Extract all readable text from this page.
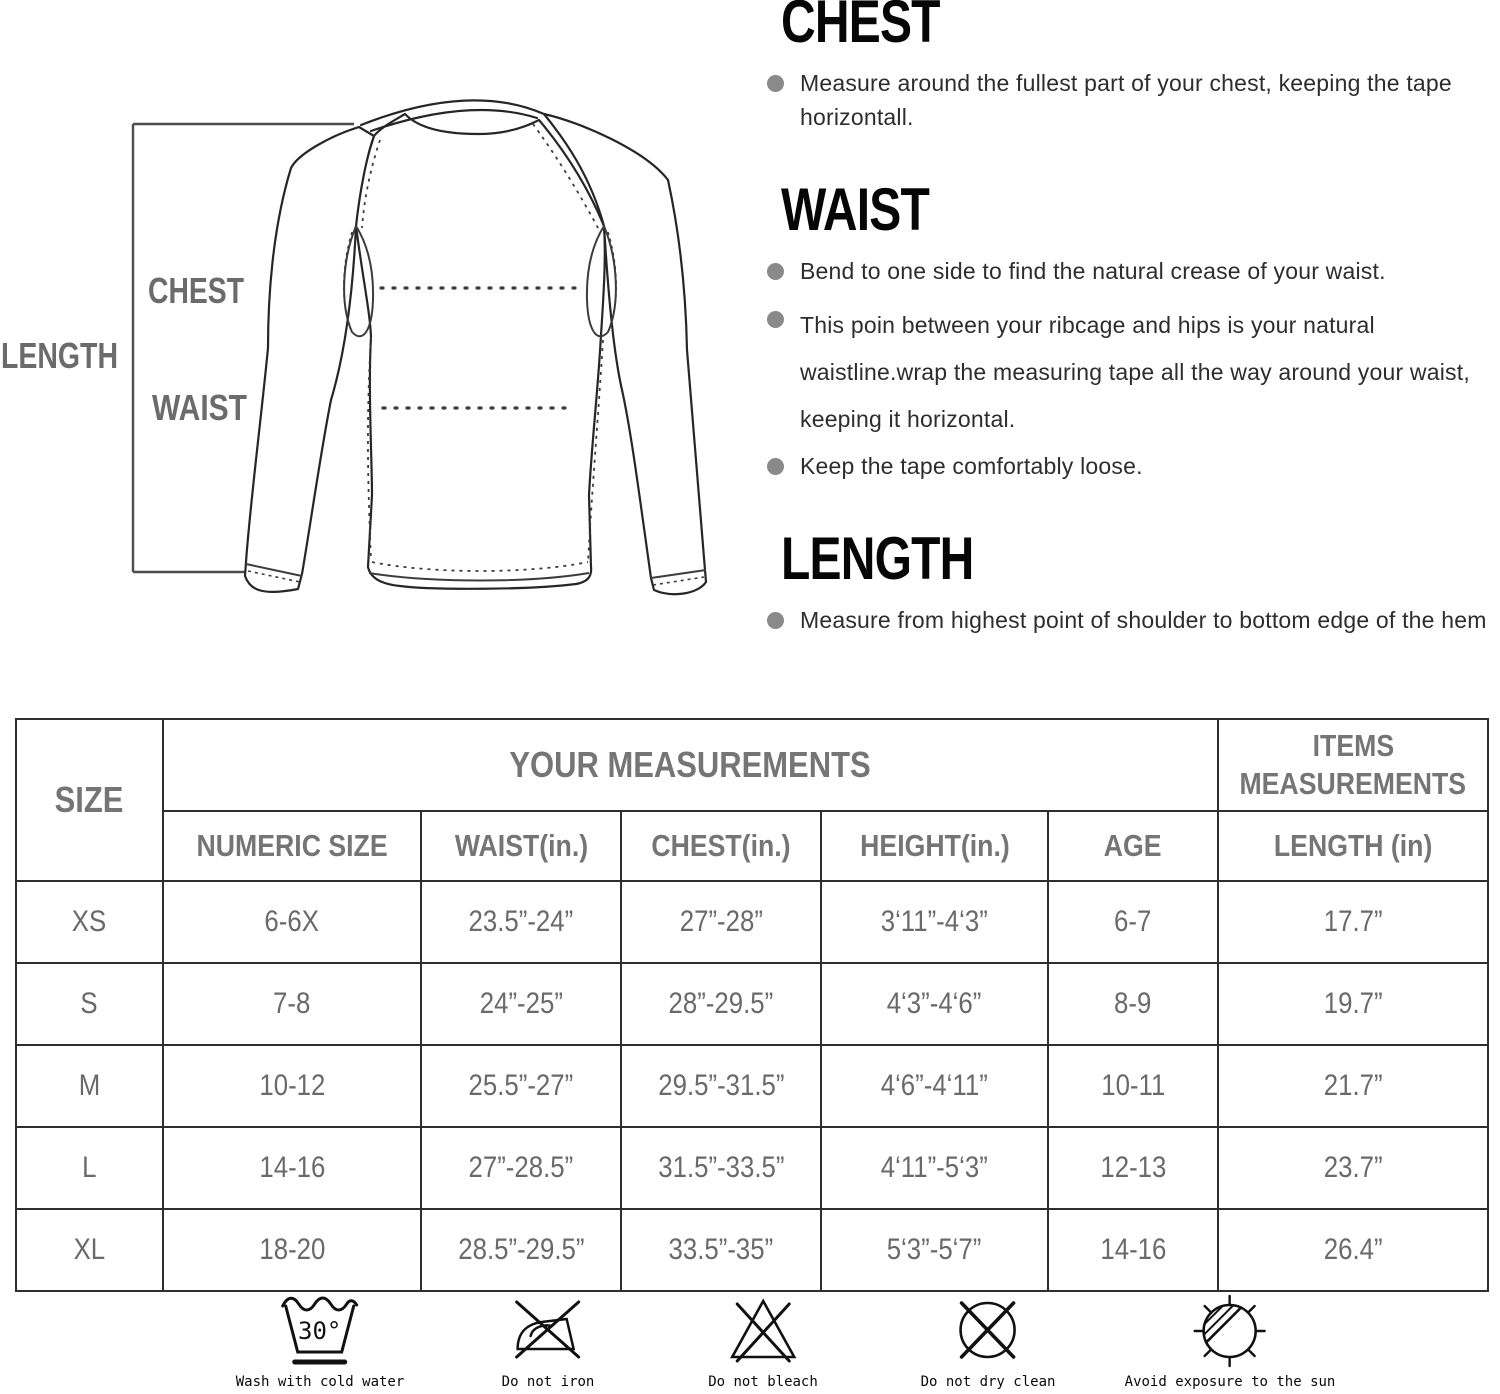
LENGTH
CHEST
WAIST
CHEST
Measure around the fullest part of your chest, keeping the tape horizontall.
WAIST
Bend to one side to find the natural crease of your waist.
This poin between your ribcage and hips is your natural waistline.wrap the measuring tape all the way around your waist, keeping it horizontal.
Keep the tape comfortably loose.
LENGTH
Measure from highest point of shoulder to bottom edge of the hem
SIZE	YOUR MEASUREMENTS					ITEMS
MEASUREMENTS
	NUMERIC SIZE	WAIST(in.)	CHEST(in.)	HEIGHT(in.)	AGE	LENGTH (in)
XS	6-6X	23.5”-24”	27”-28”	3‘11”-4‘3”	6-7	17.7”
S	7-8	24”-25”	28”-29.5”	4‘3”-4‘6”	8-9	19.7”
M	10-12	25.5”-27”	29.5”-31.5”	4‘6”-4‘11”	10-11	21.7”
L	14-16	27”-28.5”	31.5”-33.5”	4‘11”-5‘3”	12-13	23.7”
XL	18-20	28.5”-29.5”	33.5”-35”	5‘3”-5‘7”	14-16	26.4”
30°
Wash with cold water	Do not iron	Do not bleach	Do not dry clean	Avoid exposure to the sun
